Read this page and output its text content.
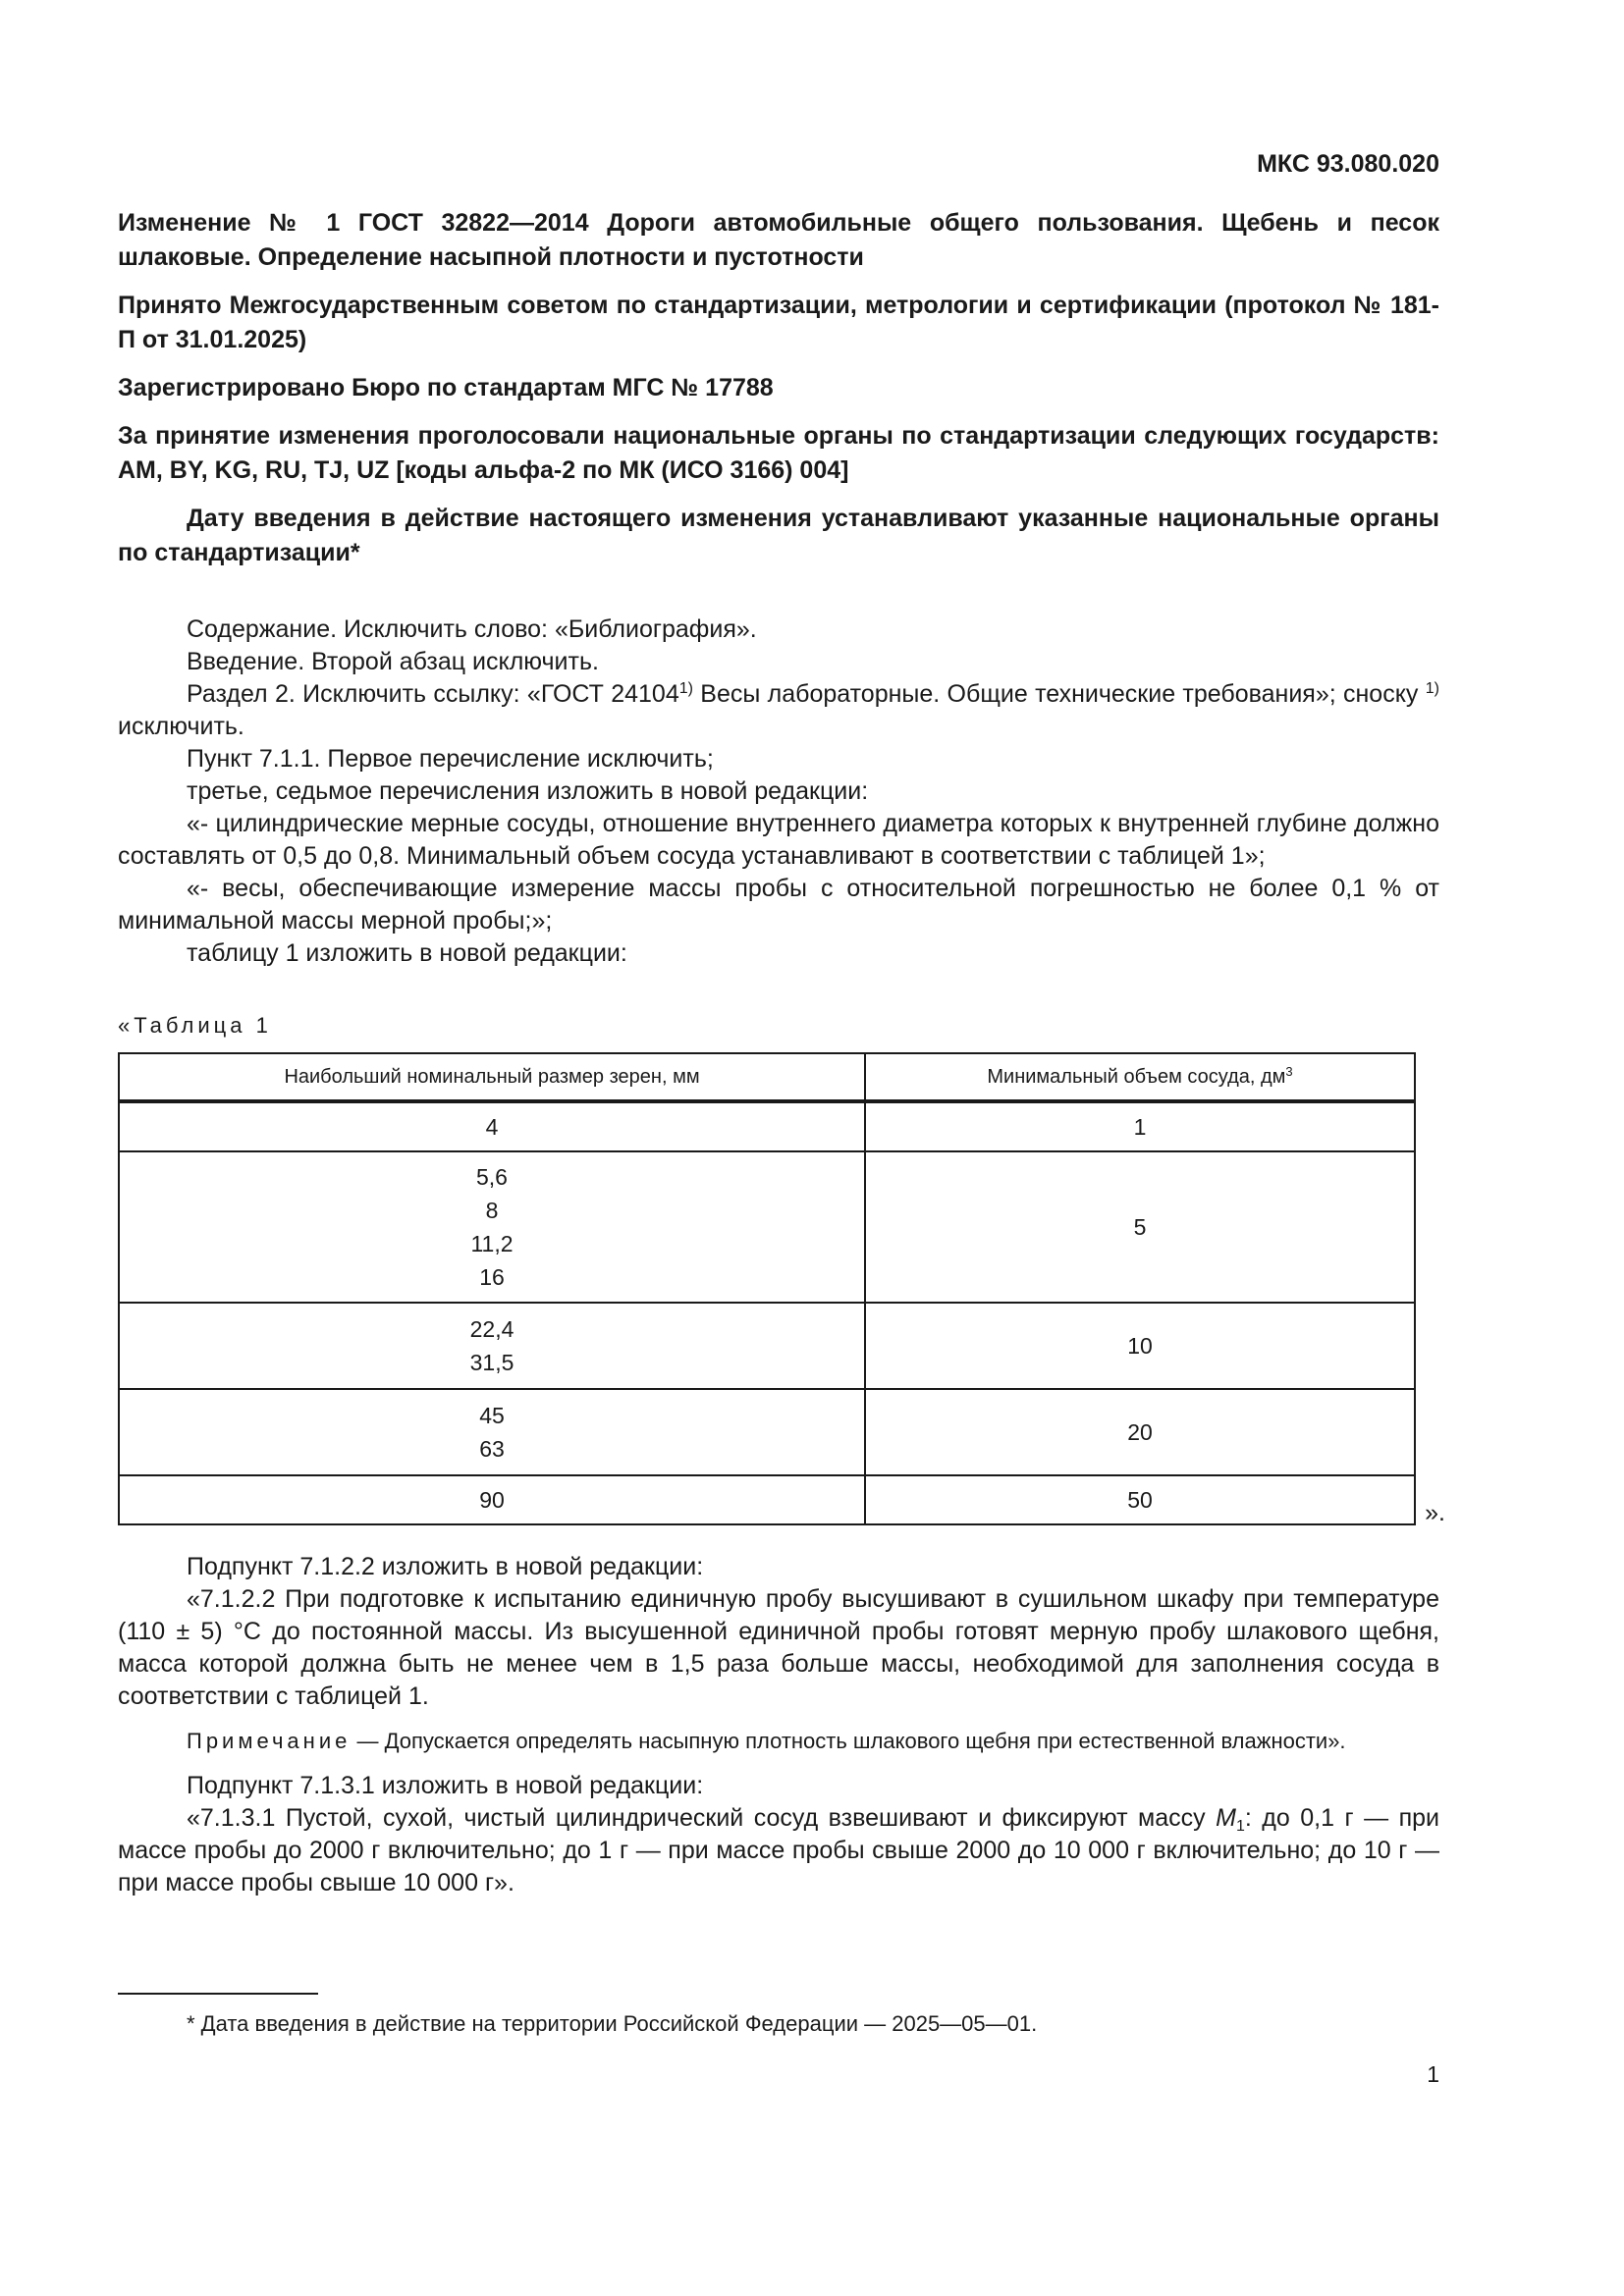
МКС 93.080.020

Изменение № 1 ГОСТ 32822—2014 Дороги автомобильные общего пользования. Щебень и песок шлаковые. Определение насыпной плотности и пустотности

Принято Межгосударственным советом по стандартизации, метрологии и сертификации (протокол № 181-П от 31.01.2025)

Зарегистрировано Бюро по стандартам МГС № 17788

За принятие изменения проголосовали национальные органы по стандартизации следующих государств: AM, BY, KG, RU, TJ, UZ [коды альфа-2 по МК (ИСО 3166) 004]

Дату введения в действие настоящего изменения устанавливают указанные национальные органы по стандартизации*

Содержание. Исключить слово: «Библиография».

Введение. Второй абзац исключить.

Раздел 2. Исключить ссылку: «ГОСТ 24104$^{1)}$ Весы лабораторные. Общие технические требования»; сноску $^{1)}$ исключить.

Пункт 7.1.1. Первое перечисление исключить;

третье, седьмое перечисления изложить в новой редакции:

«- цилиндрические мерные сосуды, отношение внутреннего диаметра которых к внутренней глубине должно составлять от 0,5 до 0,8. Минимальный объем сосуда устанавливают в соответствии с таблицей 1»;

«- весы, обеспечивающие измерение массы пробы с относительной погрешностью не более 0,1 % от минимальной массы мерной пробы;»;

таблицу 1 изложить в новой редакции:

«Таблица 1
Наибольший номинальный размер зерен, мм	Минимальный объем сосуда, $дм^3$

4	1

5,6
8
11,2
16	5

22,4
31,5	10

45
63	20

90	50	».

Подпункт 7.1.2.2 изложить в новой редакции:

«7.1.2.2 При подготовке к испытанию единичную пробу высушивают в сушильном шкафу при температуре (110 ± 5) °С до постоянной массы. Из высушенной единичной пробы готовят мерную пробу шлакового щебня, масса которой должна быть не менее чем в 1,5 раза больше массы, необходимой для заполнения сосуда в соответствии с таблицей 1.

Примечание — Допускается определять насыпную плотность шлакового щебня при естественной влажности».

Подпункт 7.1.3.1 изложить в новой редакции:

«7.1.3.1 Пустой, сухой, чистый цилиндрический сосуд взвешивают и фиксируют массу $M_1$: до 0,1 г — при массе пробы до 2000 г включительно; до 1 г — при массе пробы свыше 2000 до 10 000 г включительно; до 10 г — при массе пробы свыше 10 000 г».

* Дата введения в действие на территории Российской Федерации — 2025—05—01.
1
